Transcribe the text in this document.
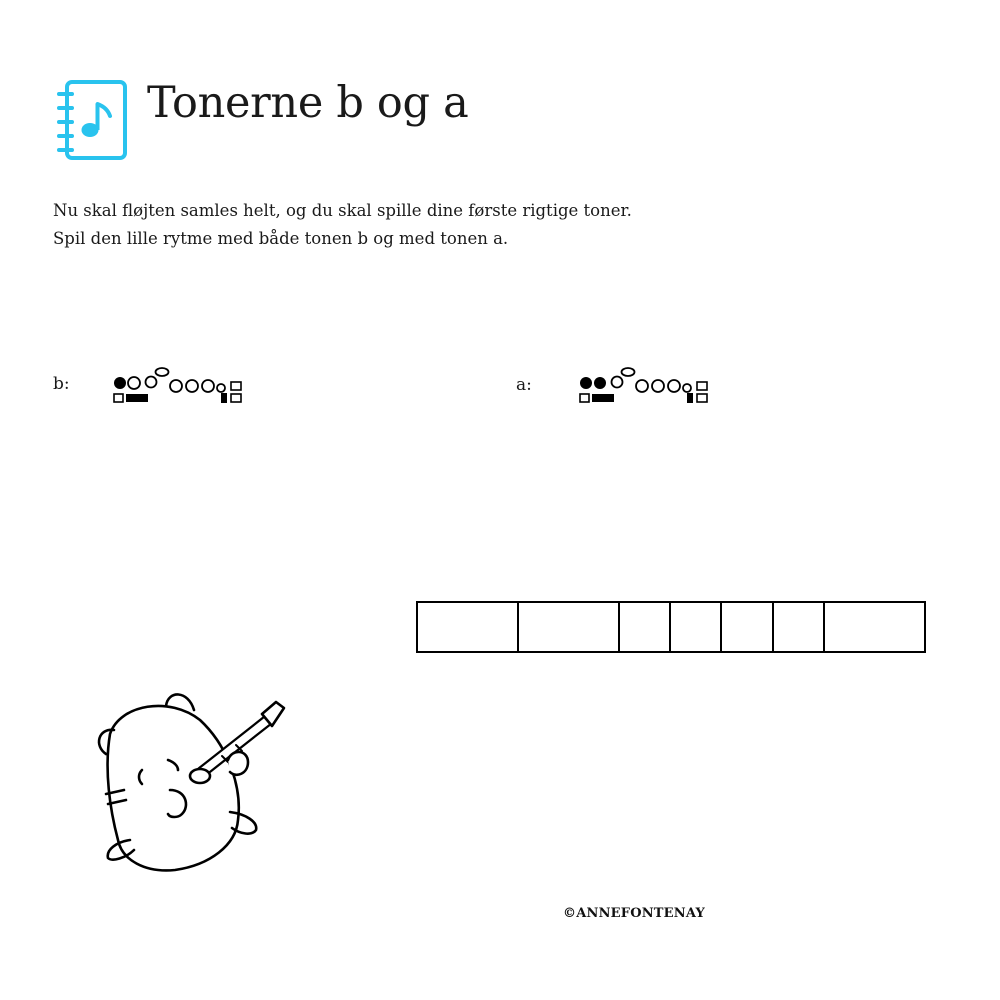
Tonerne b og a
Nu skal fløjten samles helt, og du skal spille dine første rigtige toner.
Spil den lille rytme med både tonen b og med tonen a.
b:	a:
©ANNEFONTENAY
